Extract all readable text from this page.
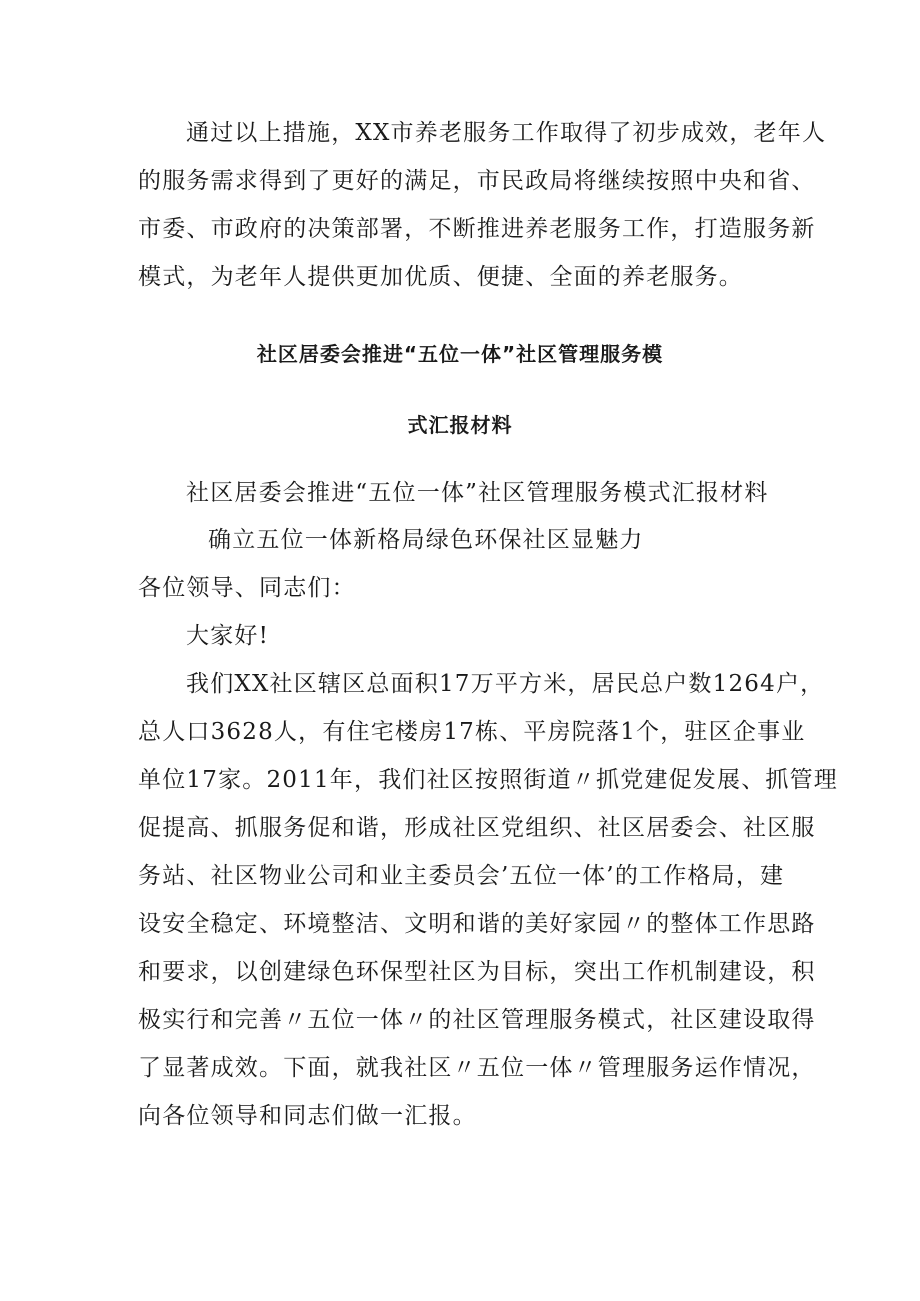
通过以上措施，XX市养老服务工作取得了初步成效，老年人
的服务需求得到了更好的满足，市民政局将继续按照中央和省、
市委、市政府的决策部署，不断推进养老服务工作，打造服务新
模式，为老年人提供更加优质、便捷、全面的养老服务。
社区居委会推进“五位一体”社区管理服务模
式汇报材料
社区居委会推进“五位一体”社区管理服务模式汇报材料
确立五位一体新格局绿色环保社区显魅力
各位领导、同志们：
大家好!
我们XX社区辖区总面积17万平方米，居民总户数1264户，
总人口3628人，有住宅楼房17栋、平房院落1个，驻区企事业
单位17家。2011年，我们社区按照街道〃抓党建促发展、抓管理
促提高、抓服务促和谐，形成社区党组织、社区居委会、社区服
务站、社区物业公司和业主委员会’五位一体’的工作格局，建
设安全稳定、环境整洁、文明和谐的美好家园〃的整体工作思路
和要求，以创建绿色环保型社区为目标，突出工作机制建设，积
极实行和完善〃五位一体〃的社区管理服务模式，社区建设取得
了显著成效。下面，就我社区〃五位一体〃管理服务运作情况，
向各位领导和同志们做一汇报。
